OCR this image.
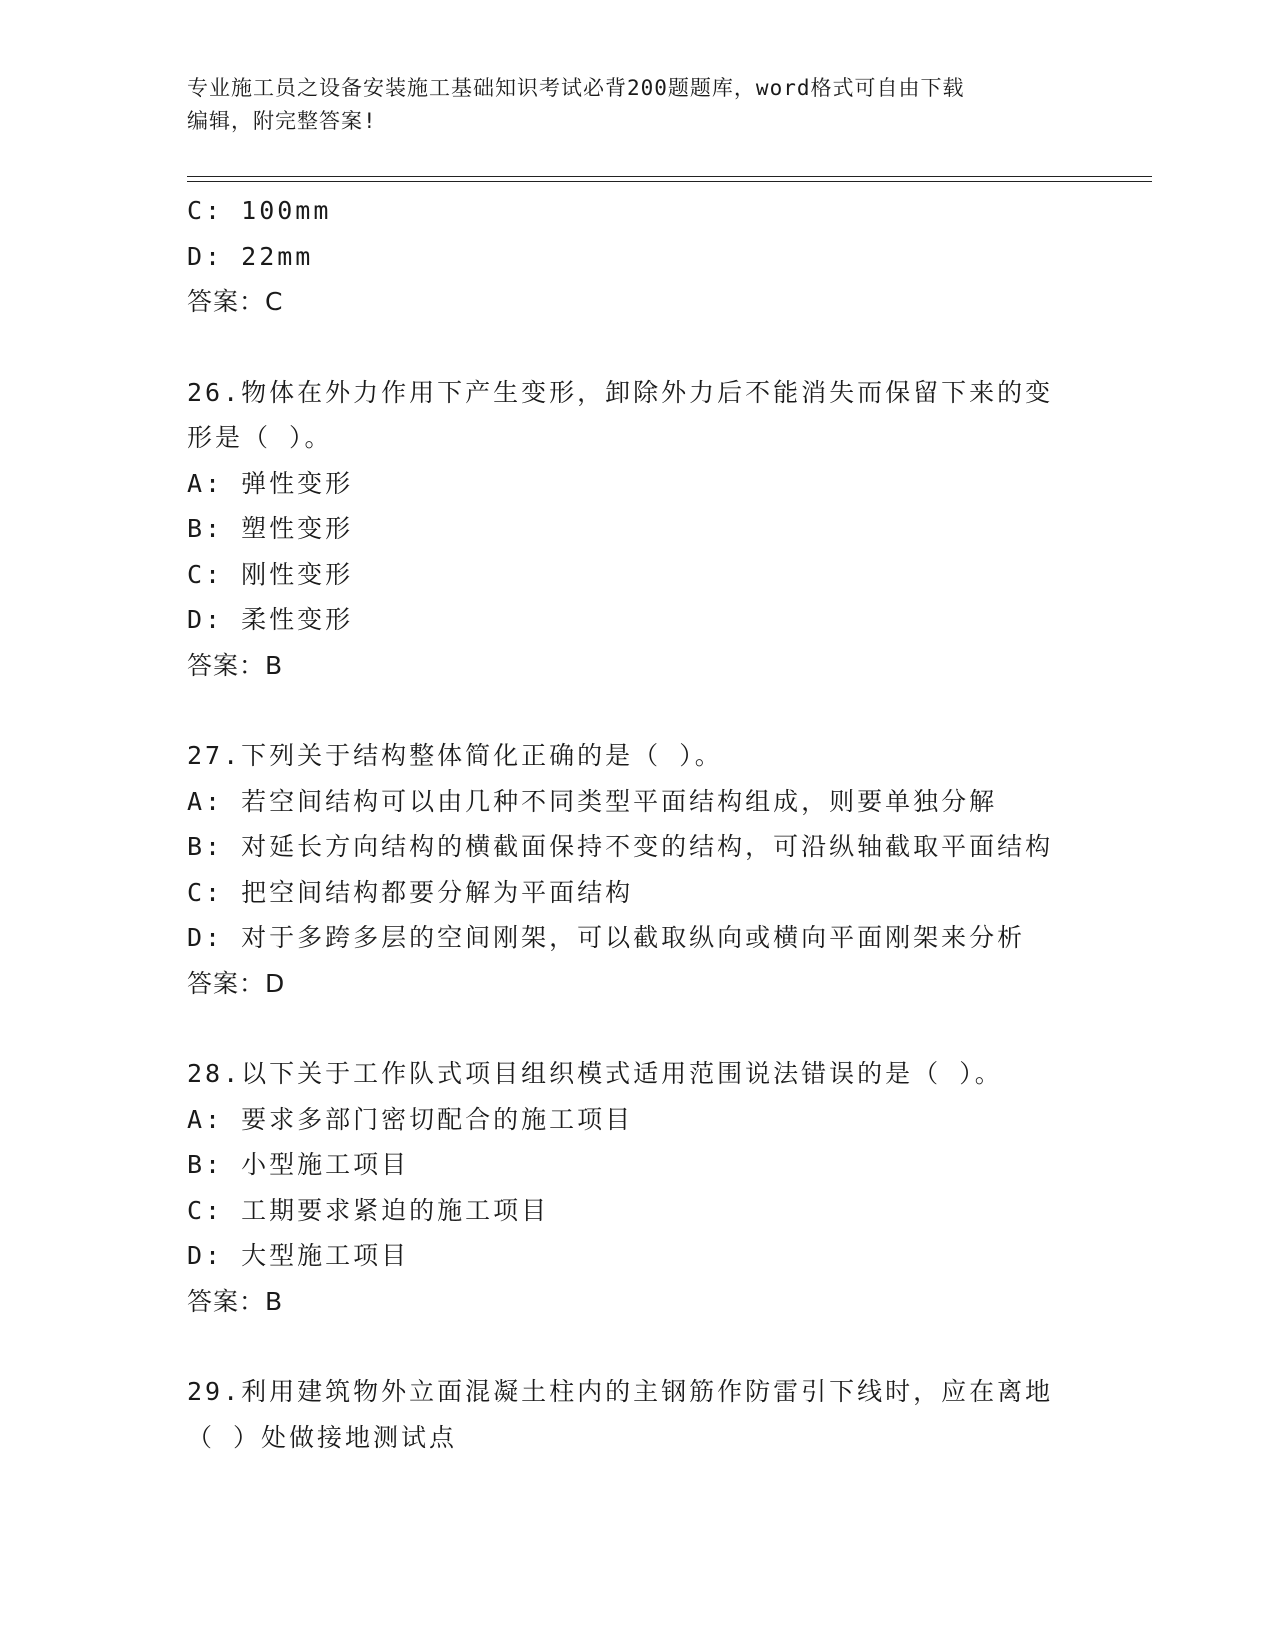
专业施工员之设备安装施工基础知识考试必背200题题库，word格式可自由下载
编辑，附完整答案!
C: 100mm
D: 22mm
答案：C
26.物体在外力作用下产生变形，卸除外力后不能消失而保留下来的变
形是（ ）。
A: 弹性变形
B: 塑性变形
C: 刚性变形
D: 柔性变形
答案：B
27.下列关于结构整体简化正确的是（ ）。
A: 若空间结构可以由几种不同类型平面结构组成，则要单独分解
B: 对延长方向结构的横截面保持不变的结构，可沿纵轴截取平面结构
C: 把空间结构都要分解为平面结构
D: 对于多跨多层的空间刚架，可以截取纵向或横向平面刚架来分析
答案：D
28.以下关于工作队式项目组织模式适用范围说法错误的是（ ）。
A: 要求多部门密切配合的施工项目
B: 小型施工项目
C: 工期要求紧迫的施工项目
D: 大型施工项目
答案：B
29.利用建筑物外立面混凝土柱内的主钢筋作防雷引下线时，应在离地
（ ）处做接地测试点
